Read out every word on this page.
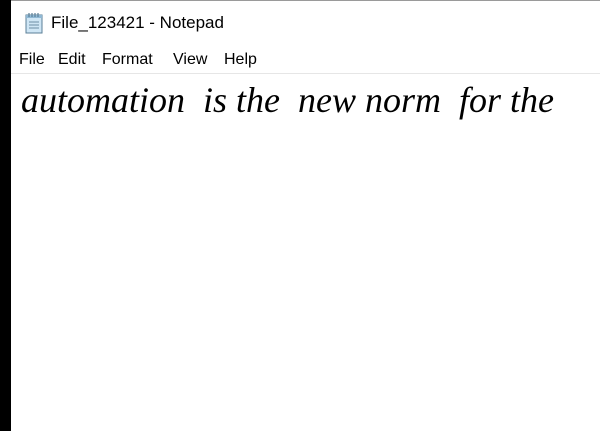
File_123421 - Notepad
File Edit Format View Help
automation  is the  new norm  for the
